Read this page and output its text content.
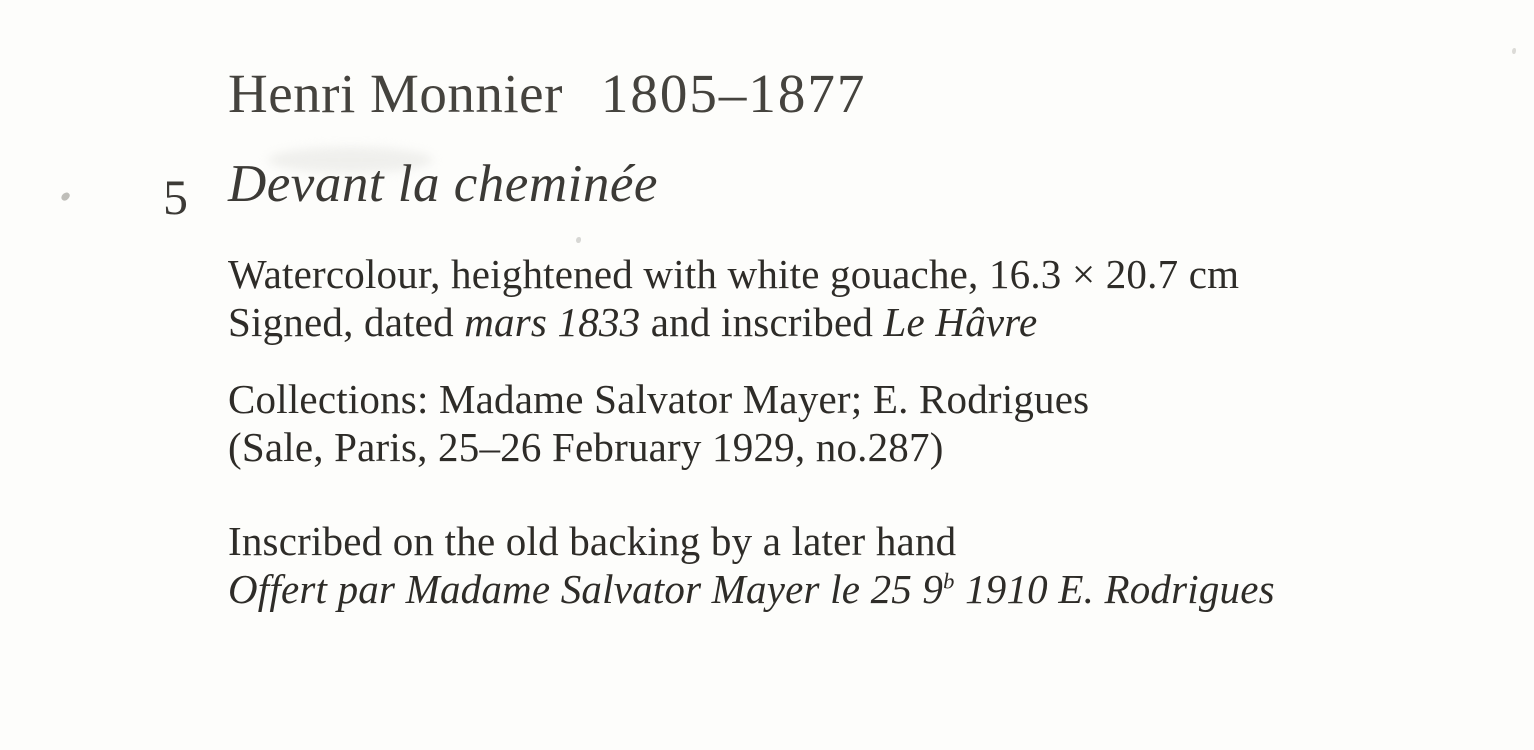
Henri Monnier 1805–1877
5 Devant la cheminée
Watercolour, heightened with white gouache, 16.3 × 20.7 cm
Signed, dated mars 1833 and inscribed Le Hâvre
Collections: Madame Salvator Mayer; E. Rodrigues
(Sale, Paris, 25–26 February 1929, no.287)
Inscribed on the old backing by a later hand
Offert par Madame Salvator Mayer le 25 9$^b$ 1910 E. Rodrigues
